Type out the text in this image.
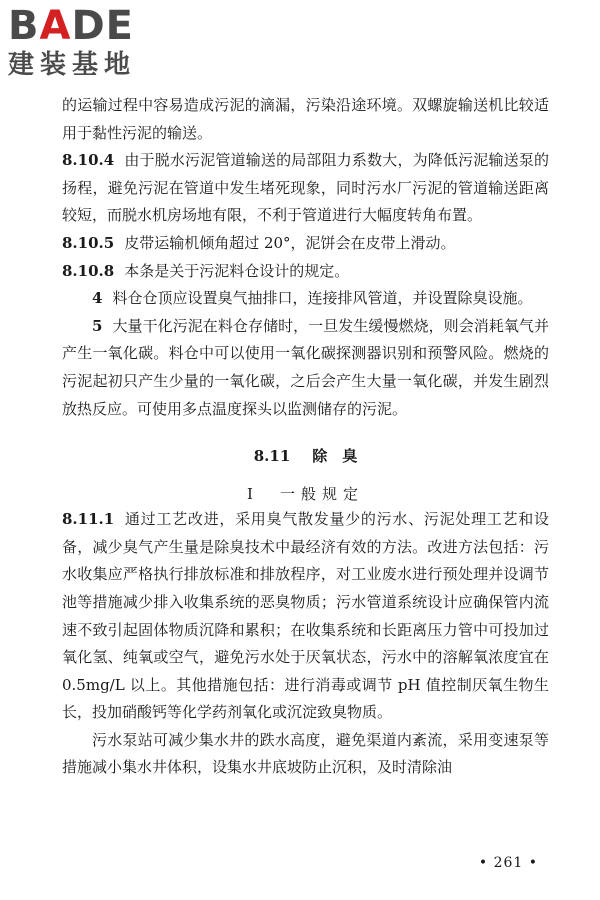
BADE
建装基地

的运输过程中容易造成污泥的滴漏，污染沿途环境。双螺旋输送机比较适用于黏性污泥的输送。

8.10.4 由于脱水污泥管道输送的局部阻力系数大，为降低污泥输送泵的扬程，避免污泥在管道中发生堵死现象，同时污水厂污泥的管道输送距离较短，而脱水机房场地有限，不利于管道进行大幅度转角布置。

8.10.5 皮带运输机倾角超过 20°，泥饼会在皮带上滑动。

8.10.8 本条是关于污泥料仓设计的规定。

4 料仓仓顶应设置臭气抽排口，连接排风管道，并设置除臭设施。

5 大量干化污泥在料仓存储时，一旦发生缓慢燃烧，则会消耗氧气并产生一氧化碳。料仓中可以使用一氧化碳探测器识别和预警风险。燃烧的污泥起初只产生少量的一氧化碳，之后会产生大量一氧化碳，并发生剧烈放热反应。可使用多点温度探头以监测储存的污泥。

8.11 除　臭
Ⅰ　一般规定

8.11.1 通过工艺改进，采用臭气散发量少的污水、污泥处理工艺和设备，减少臭气产生量是除臭技术中最经济有效的方法。改进方法包括：污水收集应严格执行排放标准和排放程序，对工业废水进行预处理并设调节池等措施减少排入收集系统的恶臭物质；污水管道系统设计应确保管内流速不致引起固体物质沉降和累积；在收集系统和长距离压力管中可投加过氧化氢、纯氧或空气，避免污水处于厌氧状态，污水中的溶解氧浓度宜在 0.5mg/L 以上。其他措施包括：进行消毒或调节 pH 值控制厌氧生物生长，投加硝酸钙等化学药剂氧化或沉淀致臭物质。

污水泵站可减少集水井的跌水高度，避免渠道内紊流，采用变速泵等措施减小集水井体积，设集水井底坡防止沉积，及时清除油

• 261 •
